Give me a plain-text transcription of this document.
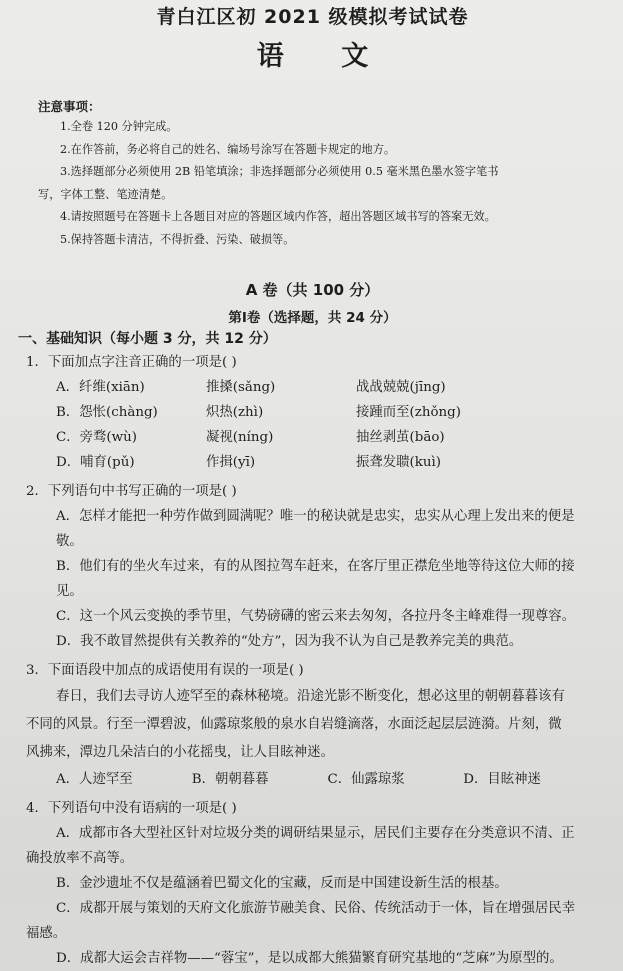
青白江区初 2021 级模拟考试试卷
语 文
注意事项：
1.全卷 120 分钟完成。
2.在作答前，务必将自己的姓名、编场号涂写在答题卡规定的地方。
3.选择题部分必须使用 2B 铅笔填涂；非选择题部分必须使用 0.5 毫米黑色墨水签字笔书
写，字体工整、笔迹清楚。
4.请按照题号在答题卡上各题目对应的答题区域内作答，超出答题区域书写的答案无效。
5.保持答题卡清洁，不得折叠、污染、破损等。
A 卷（共 100 分）
第Ⅰ卷（选择题，共 24 分）
一、基础知识（每小题 3 分，共 12 分）
1．下面加点字注音正确的一项是( )
A．纤维(xiān)	推搡(sǎng)	战战兢兢(jīng)
B．怨怅(chàng)	炽热(zhì)	接踵而至(zhǒng)
C．旁骛(wù)	凝视(níng)	抽丝剥茧(bāo)
D．哺育(pǔ)	作揖(yī)	振聋发聩(kuì)
2．下列语句中书写正确的一项是( )
A．怎样才能把一种劳作做到圆满呢？唯一的秘诀就是忠实，忠实从心理上发出来的便是敬。
B．他们有的坐火车过来，有的从图拉驾车赶来，在客厅里正襟危坐地等待这位大师的接见。
C．这一个风云变换的季节里，气势磅礴的密云来去匆匆，各拉丹冬主峰难得一现尊容。
D．我不敢冒然提供有关教养的“处方”，因为我不认为自己是教养完美的典范。
3．下面语段中加点的成语使用有误的一项是( )
春日，我们去寻访人迹罕至的森林秘境。沿途光影不断变化，想必这里的朝朝暮暮该有
不同的风景。行至一潭碧波，仙露琼浆般的泉水自岩缝滴落，水面泛起层层涟漪。片刻，微
风拂来，潭边几朵洁白的小花摇曳，让人目眩神迷。
A．人迹罕至	B．朝朝暮暮	C．仙露琼浆	D．目眩神迷
4．下列语句中没有语病的一项是( )
A．成都市各大型社区针对垃圾分类的调研结果显示，居民们主要存在分类意识不清、正
确投放率不高等。
B．金沙遗址不仅是蕴涵着巴蜀文化的宝藏，反而是中国建设新生活的根基。
C．成都开展与策划的天府文化旅游节融美食、民俗、传统活动于一体，旨在增强居民幸
福感。
D．成都大运会吉祥物——“蓉宝”，是以成都大熊猫繁育研究基地的“芝麻”为原型的。
